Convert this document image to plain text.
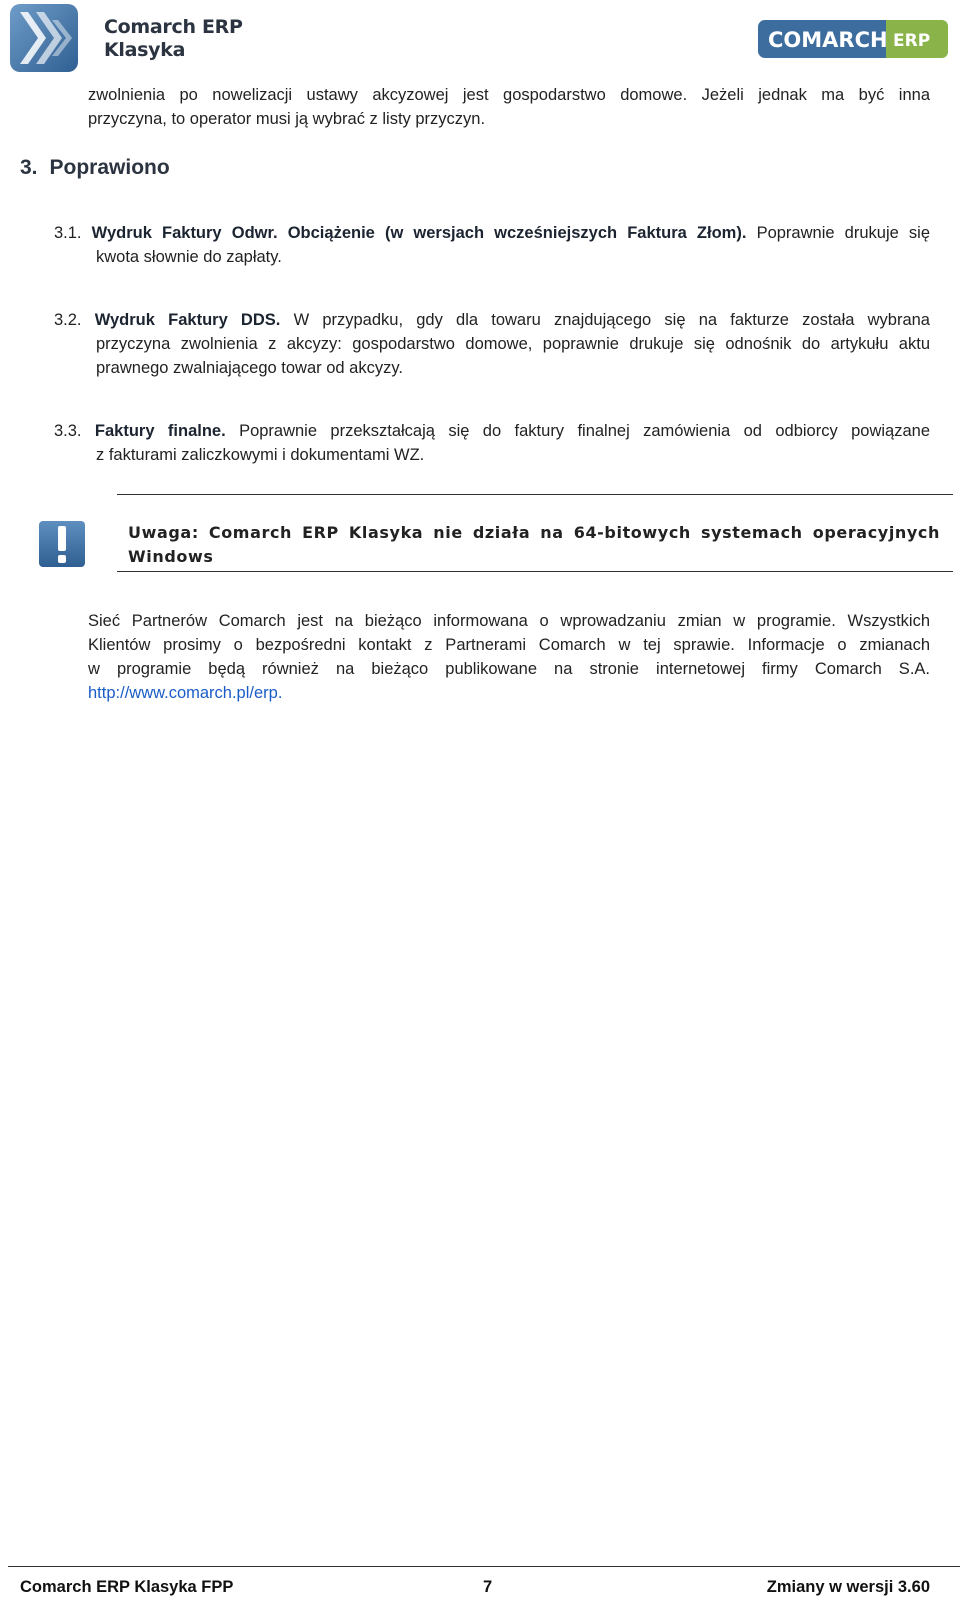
Comarch ERP
Klasyka	COMARCH ERP
zwolnienia po nowelizacji ustawy akcyzowej jest gospodarstwo domowe. Jeżeli jednak ma być inna
przyczyna, to operator musi ją wybrać z listy przyczyn.
3. Poprawiono
3.1. Wydruk Faktury Odwr. Obciążenie (w wersjach wcześniejszych Faktura Złom). Poprawnie drukuje się
kwota słownie do zapłaty.
3.2. Wydruk Faktury DDS. W przypadku, gdy dla towaru znajdującego się na fakturze została wybrana
przyczyna zwolnienia z akcyzy: gospodarstwo domowe, poprawnie drukuje się odnośnik do artykułu aktu
prawnego zwalniającego towar od akcyzy.
3.3. Faktury finalne. Poprawnie przekształcają się do faktury finalnej zamówienia od odbiorcy powiązane
z fakturami zaliczkowymi i dokumentami WZ.
Uwaga: Comarch ERP Klasyka nie działa na 64-bitowych systemach operacyjnych
Windows
Sieć Partnerów Comarch jest na bieżąco informowana o wprowadzaniu zmian w programie. Wszystkich
Klientów prosimy o bezpośredni kontakt z Partnerami Comarch w tej sprawie. Informacje o zmianach
w programie będą również na bieżąco publikowane na stronie internetowej firmy Comarch S.A.
http://www.comarch.pl/erp.
Comarch ERP Klasyka FPP	7	Zmiany w wersji 3.60
